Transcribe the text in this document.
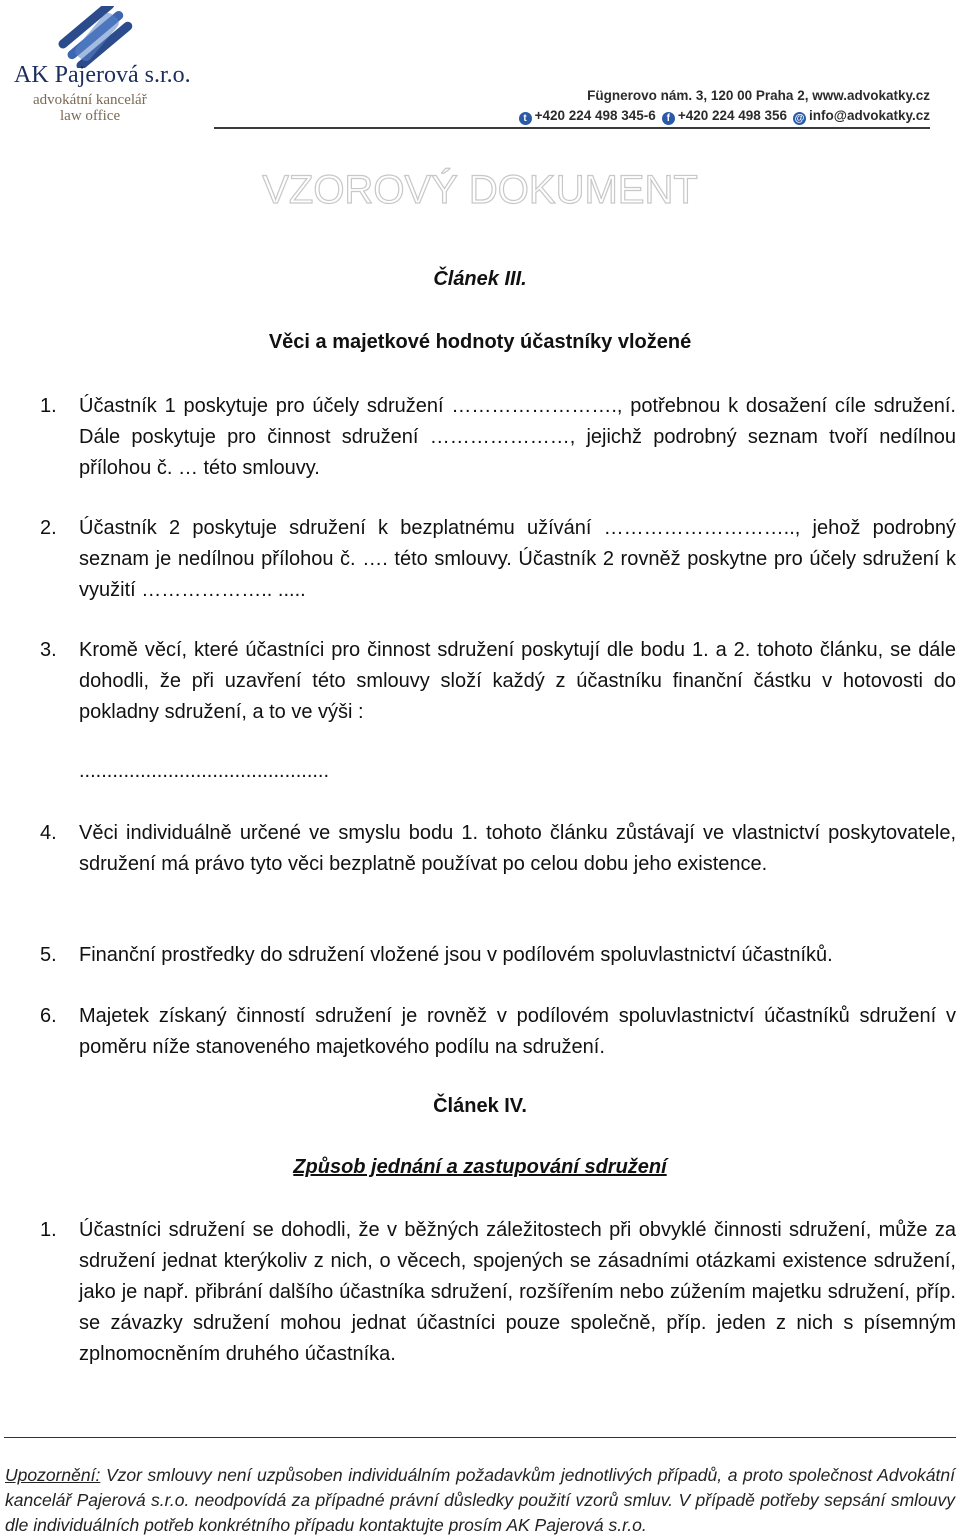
AK Pajerová s.r.o.
advokátní kancelář
law office
Fügnerovo nám. 3, 120 00 Praha 2, www.advokatky.cz
t +420 224 498 345-6	f +420 224 498 356 @ info@advokatky.cz
VZOROVÝ DOKUMENT
Článek III.
Věci a majetkové hodnoty účastníky vložené
1. Účastník 1 poskytuje pro účely sdružení ……………………., potřebnou k dosažení cíle sdružení. Dále poskytuje pro činnost sdružení …………………, jejichž podrobný seznam tvoří nedílnou přílohou č. … této smlouvy.
2. Účastník 2 poskytuje sdružení k bezplatnému užívání ……………………….., jehož podrobný seznam je nedílnou přílohou č. …. této smlouvy. Účastník 2 rovněž poskytne pro účely sdružení k využití ……………….. .....
3. Kromě věcí, které účastníci pro činnost sdružení poskytují dle bodu 1. a 2. tohoto článku, se dále dohodli, že při uzavření této smlouvy složí každý z účastníku finanční částku v hotovosti do pokladny sdružení, a to ve výši :
.............................................
4. Věci individuálně určené ve smyslu bodu 1. tohoto článku zůstávají ve vlastnictví poskytovatele, sdružení má právo tyto věci bezplatně používat po celou dobu jeho existence.
5. Finanční prostředky do sdružení vložené jsou v podílovém spoluvlastnictví účastníků.
6. Majetek získaný činností sdružení je rovněž v podílovém spoluvlastnictví účastníků sdružení v poměru níže stanoveného majetkového podílu na sdružení.
Článek IV.
Způsob jednání a zastupování sdružení
1. Účastníci sdružení se dohodli, že v běžných záležitostech při obvyklé činnosti sdružení, může za sdružení jednat kterýkoliv z nich, o věcech, spojených se zásadními otázkami existence sdružení, jako je např. přibrání dalšího účastníka sdružení, rozšířením nebo zúžením majetku sdružení, příp. se závazky sdružení mohou jednat účastníci pouze společně, příp. jeden z nich s písemným zplnomocněním druhého účastníka.
Upozornění: Vzor smlouvy není uzpůsoben individuálním požadavkům jednotlivých případů, a proto společnost Advokátní kancelář Pajerová s.r.o. neodpovídá za případné právní důsledky použití vzorů smluv. V případě potřeby sepsání smlouvy dle individuálních potřeb konkrétního případu kontaktujte prosím AK Pajerová s.r.o.
